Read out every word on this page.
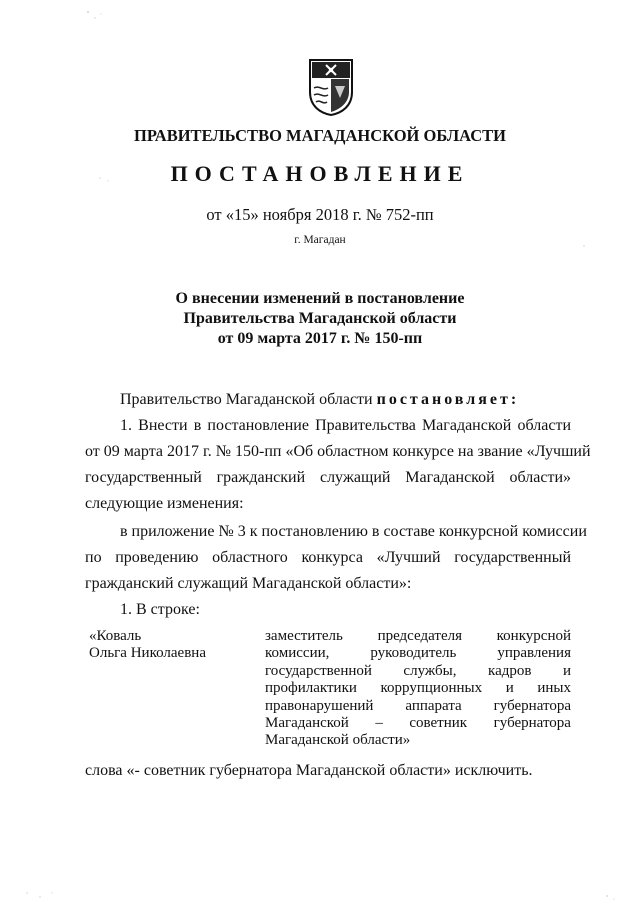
ПРАВИТЕЛЬСТВО МАГАДАНСКОЙ ОБЛАСТИ
ПОСТАНОВЛЕНИЕ
от «15» ноября 2018 г. № 752-пп
г. Магадан
О внесении изменений в постановление
Правительства Магаданской области
от 09 марта 2017 г. № 150-пп
Правительство Магаданской области постановляет:
1. Внести в постановление Правительства Магаданской области
от 09 марта 2017 г. № 150-пп «Об областном конкурсе на звание «Лучший
государственный гражданский служащий Магаданской области»
следующие изменения:
в приложение № 3 к постановлению в составе конкурсной комиссии
по проведению областного конкурса «Лучший государственный
гражданский служащий Магаданской области»:
1. В строке:
«Коваль
Ольга Николаевна
заместитель председателя конкурсной
комиссии,	руководитель	управления
государственной службы, кадров и
профилактики коррупционных и иных
правонарушений аппарата губернатора
Магаданской – советник губернатора
Магаданской области»
слова «- советник губернатора Магаданской области» исключить.
